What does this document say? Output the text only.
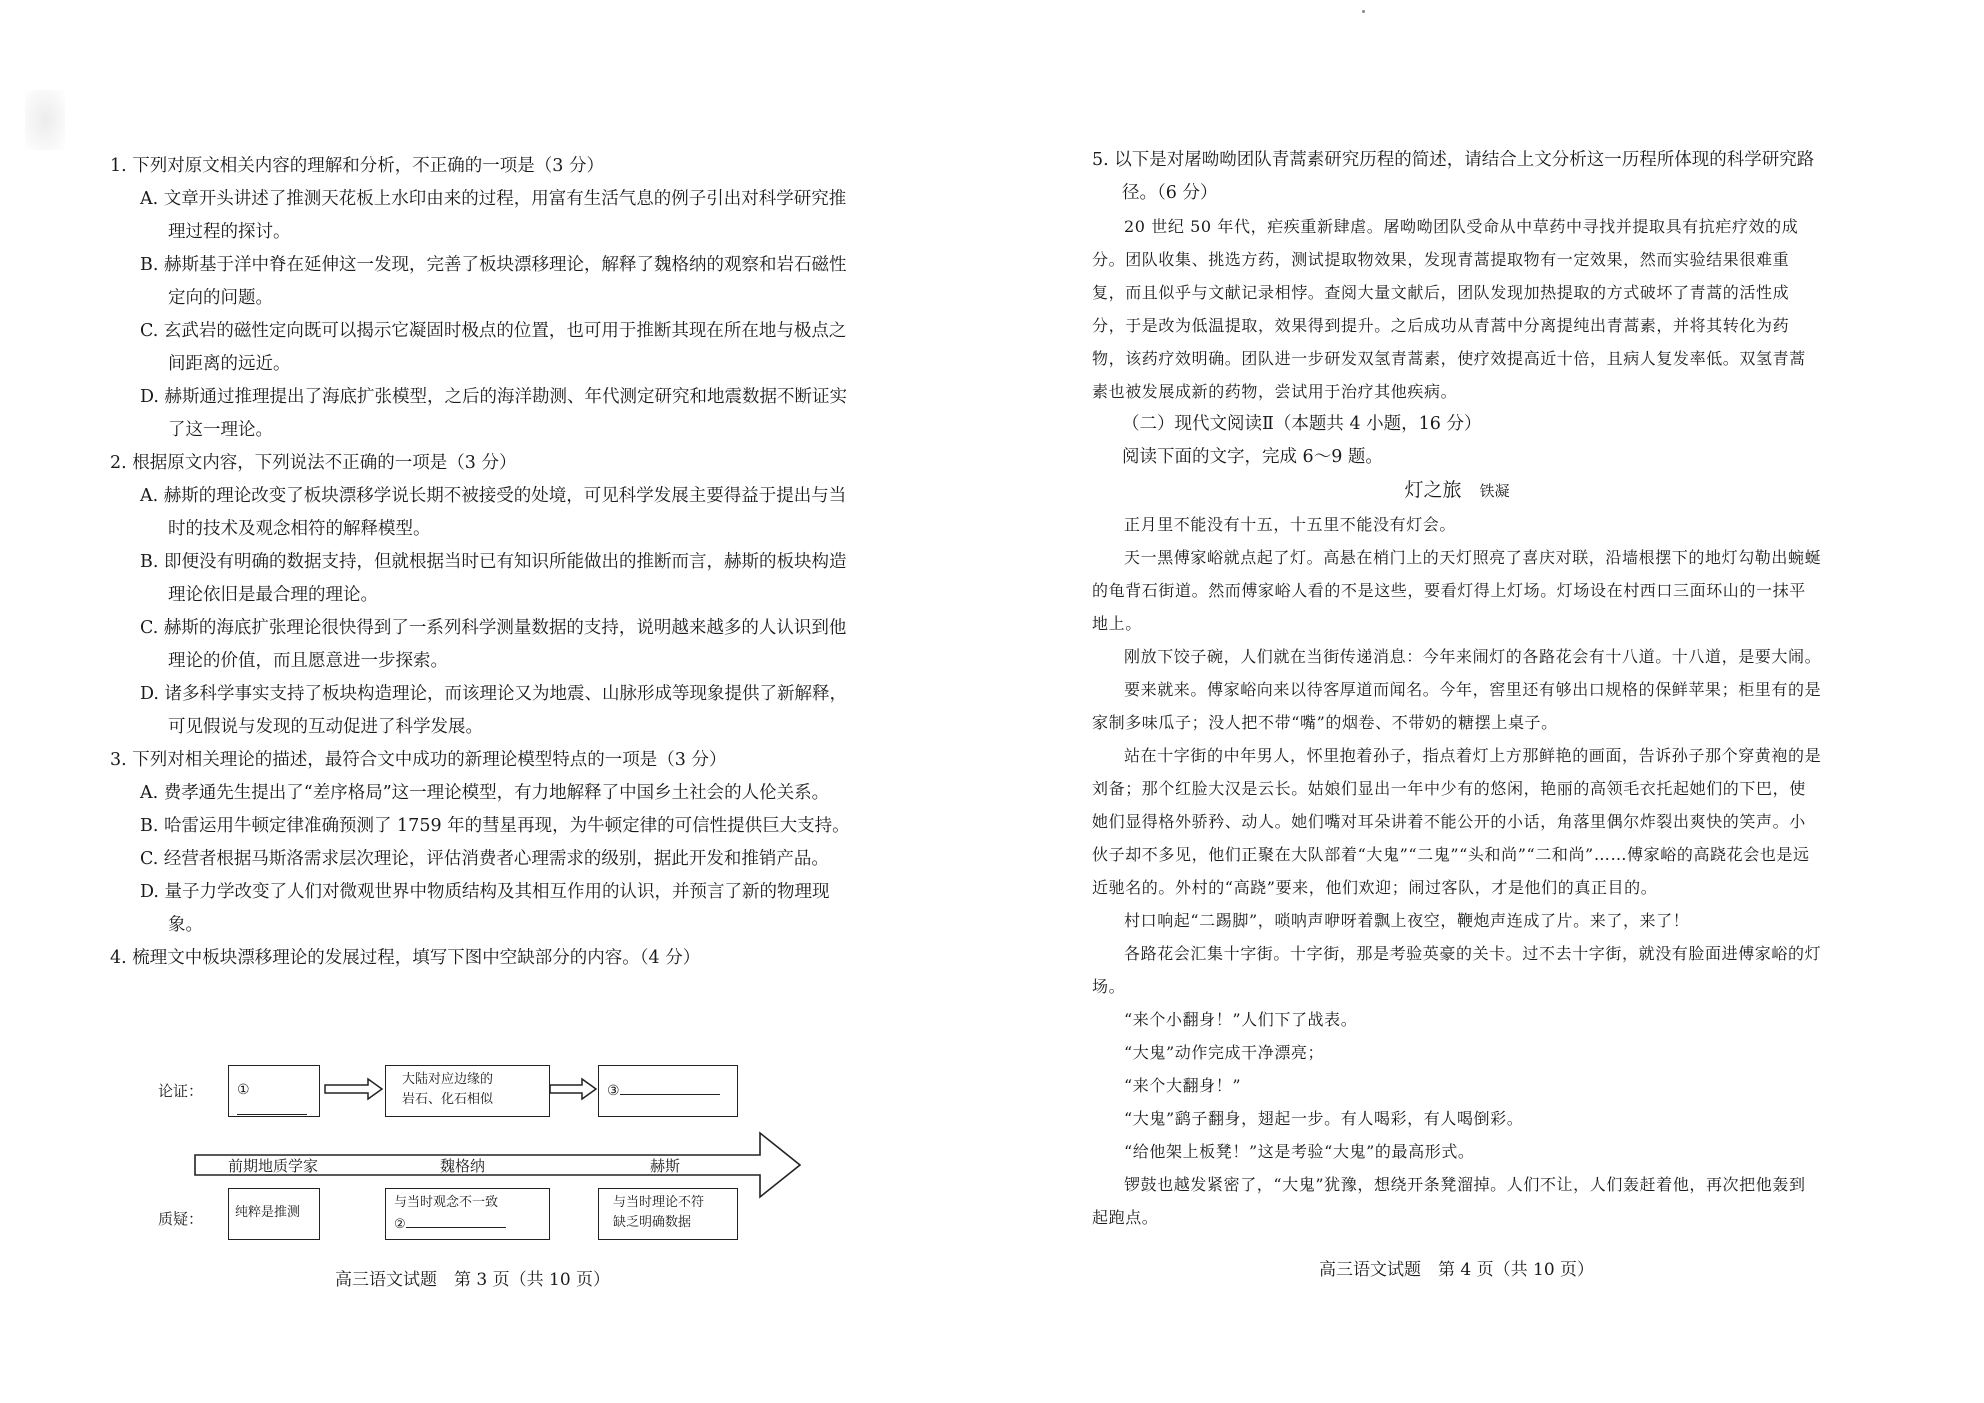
1. 下列对原文相关内容的理解和分析，不正确的一项是（3 分）
A. 文章开头讲述了推测天花板上水印由来的过程，用富有生活气息的例子引出对科学研究推理过程的探讨。
B. 赫斯基于洋中脊在延伸这一发现，完善了板块漂移理论，解释了魏格纳的观察和岩石磁性定向的问题。
C. 玄武岩的磁性定向既可以揭示它凝固时极点的位置，也可用于推断其现在所在地与极点之间距离的远近。
D. 赫斯通过推理提出了海底扩张模型，之后的海洋勘测、年代测定研究和地震数据不断证实了这一理论。
2. 根据原文内容，下列说法不正确的一项是（3 分）
A. 赫斯的理论改变了板块漂移学说长期不被接受的处境，可见科学发展主要得益于提出与当时的技术及观念相符的解释模型。
B. 即便没有明确的数据支持，但就根据当时已有知识所能做出的推断而言，赫斯的板块构造理论依旧是最合理的理论。
C. 赫斯的海底扩张理论很快得到了一系列科学测量数据的支持，说明越来越多的人认识到他理论的价值，而且愿意进一步探索。
D. 诸多科学事实支持了板块构造理论，而该理论又为地震、山脉形成等现象提供了新解释，可见假说与发现的互动促进了科学发展。
3. 下列对相关理论的描述，最符合文中成功的新理论模型特点的一项是（3 分）
A. 费孝通先生提出了“差序格局”这一理论模型，有力地解释了中国乡土社会的人伦关系。
B. 哈雷运用牛顿定律准确预测了 1759 年的彗星再现，为牛顿定律的可信性提供巨大支持。
C. 经营者根据马斯洛需求层次理论，评估消费者心理需求的级别，据此开发和推销产品。
D. 量子力学改变了人们对微观世界中物质结构及其相互作用的认识，并预言了新的物理现象。
4. 梳理文中板块漂移理论的发展过程，填写下图中空缺部分的内容。（4 分）
论证：
质疑：
①
大陆对应边缘的
岩石、化石相似
③
前期地质学家	魏格纳	赫斯
纯粹是推测
与当时观念不一致
②
与当时理论不符
缺乏明确数据
高三语文试题　第 3 页（共 10 页）
5. 以下是对屠呦呦团队青蒿素研究历程的简述，请结合上文分析这一历程所体现的科学研究路径。（6 分）
20 世纪 50 年代，疟疾重新肆虐。屠呦呦团队受命从中草药中寻找并提取具有抗疟疗效的成分。团队收集、挑选方药，测试提取物效果，发现青蒿提取物有一定效果，然而实验结果很难重复，而且似乎与文献记录相悖。查阅大量文献后，团队发现加热提取的方式破坏了青蒿的活性成分，于是改为低温提取，效果得到提升。之后成功从青蒿中分离提纯出青蒿素，并将其转化为药物，该药疗效明确。团队进一步研发双氢青蒿素，使疗效提高近十倍，且病人复发率低。双氢青蒿素也被发展成新的药物，尝试用于治疗其他疾病。
（二）现代文阅读Ⅱ（本题共 4 小题，16 分）
阅读下面的文字，完成 6～9 题。
灯之旅 铁凝
正月里不能没有十五，十五里不能没有灯会。
天一黑傅家峪就点起了灯。高悬在梢门上的天灯照亮了喜庆对联，沿墙根摆下的地灯勾勒出蜿蜒的龟背石街道。然而傅家峪人看的不是这些，要看灯得上灯场。灯场设在村西口三面环山的一抹平地上。
刚放下饺子碗，人们就在当街传递消息：今年来闹灯的各路花会有十八道。十八道，是要大闹。
要来就来。傅家峪向来以待客厚道而闻名。今年，窖里还有够出口规格的保鲜苹果；柜里有的是家制多味瓜子；没人把不带“嘴”的烟卷、不带奶的糖摆上桌子。
站在十字街的中年男人，怀里抱着孙子，指点着灯上方那鲜艳的画面，告诉孙子那个穿黄袍的是刘备；那个红脸大汉是云长。姑娘们显出一年中少有的悠闲，艳丽的高领毛衣托起她们的下巴，使她们显得格外骄矜、动人。她们嘴对耳朵讲着不能公开的小话，角落里偶尔炸裂出爽快的笑声。小伙子却不多见，他们正聚在大队部着“大鬼”“二鬼”“头和尚”“二和尚”……傅家峪的高跷花会也是远近驰名的。外村的“高跷”要来，他们欢迎；闹过客队，才是他们的真正目的。
村口响起“二踢脚”，唢呐声咿呀着飘上夜空，鞭炮声连成了片。来了，来了！
各路花会汇集十字街。十字街，那是考验英豪的关卡。过不去十字街，就没有脸面进傅家峪的灯场。
“来个小翻身！”人们下了战表。
“大鬼”动作完成干净漂亮；
“来个大翻身！”
“大鬼”鹞子翻身，翅起一步。有人喝彩，有人喝倒彩。
“给他架上板凳！”这是考验“大鬼”的最高形式。
锣鼓也越发紧密了，“大鬼”犹豫，想绕开条凳溜掉。人们不让，人们轰赶着他，再次把他轰到起跑点。
高三语文试题　第 4 页（共 10 页）
